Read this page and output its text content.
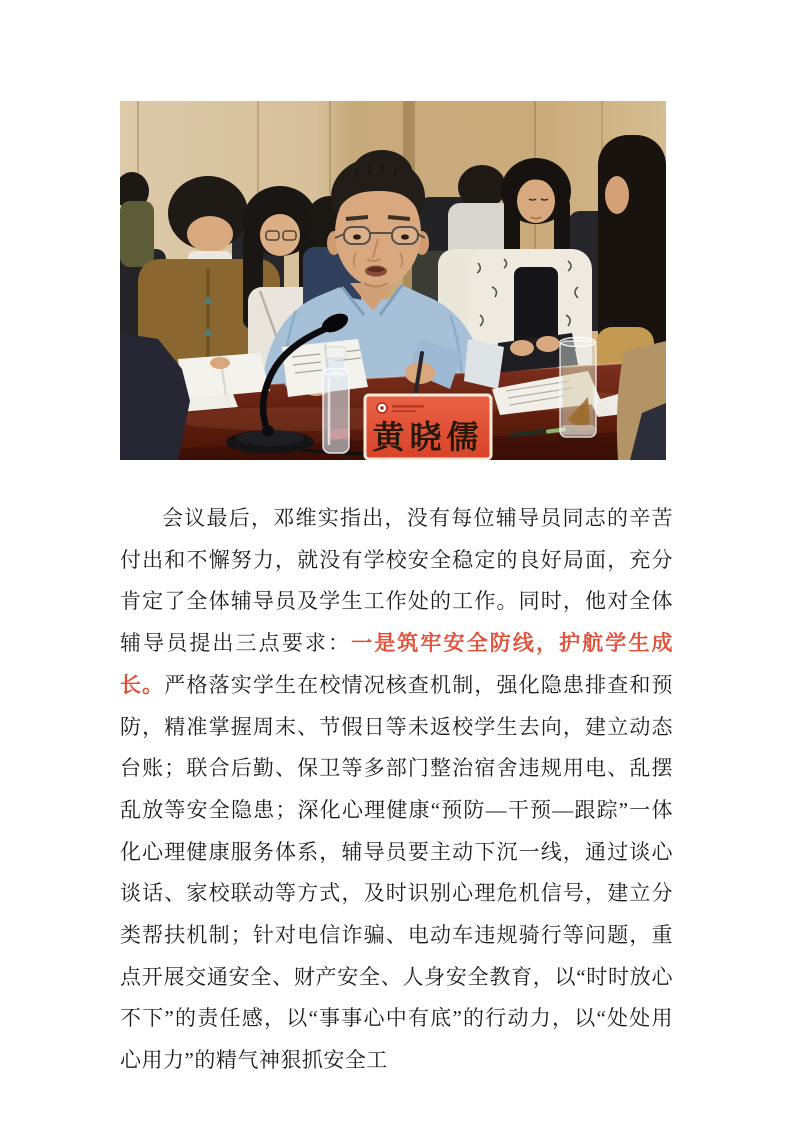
黄晓儒

会议最后，邓维实指出，没有每位辅导员同志的辛苦付出和不懈努力，就没有学校安全稳定的良好局面，充分肯定了全体辅导员及学生工作处的工作。同时，他对全体辅导员提出三点要求：一是筑牢安全防线，护航学生成长。严格落实学生在校情况核查机制，强化隐患排查和预防，精准掌握周末、节假日等未返校学生去向，建立动态台账；联合后勤、保卫等多部门整治宿舍违规用电、乱摆乱放等安全隐患；深化心理健康“预防—干预—跟踪”一体化心理健康服务体系，辅导员要主动下沉一线，通过谈心谈话、家校联动等方式，及时识别心理危机信号，建立分类帮扶机制；针对电信诈骗、电动车违规骑行等问题，重点开展交通安全、财产安全、人身安全教育，以“时时放心不下”的责任感，以“事事心中有底”的行动力，以“处处用心用力”的精气神狠抓安全工
